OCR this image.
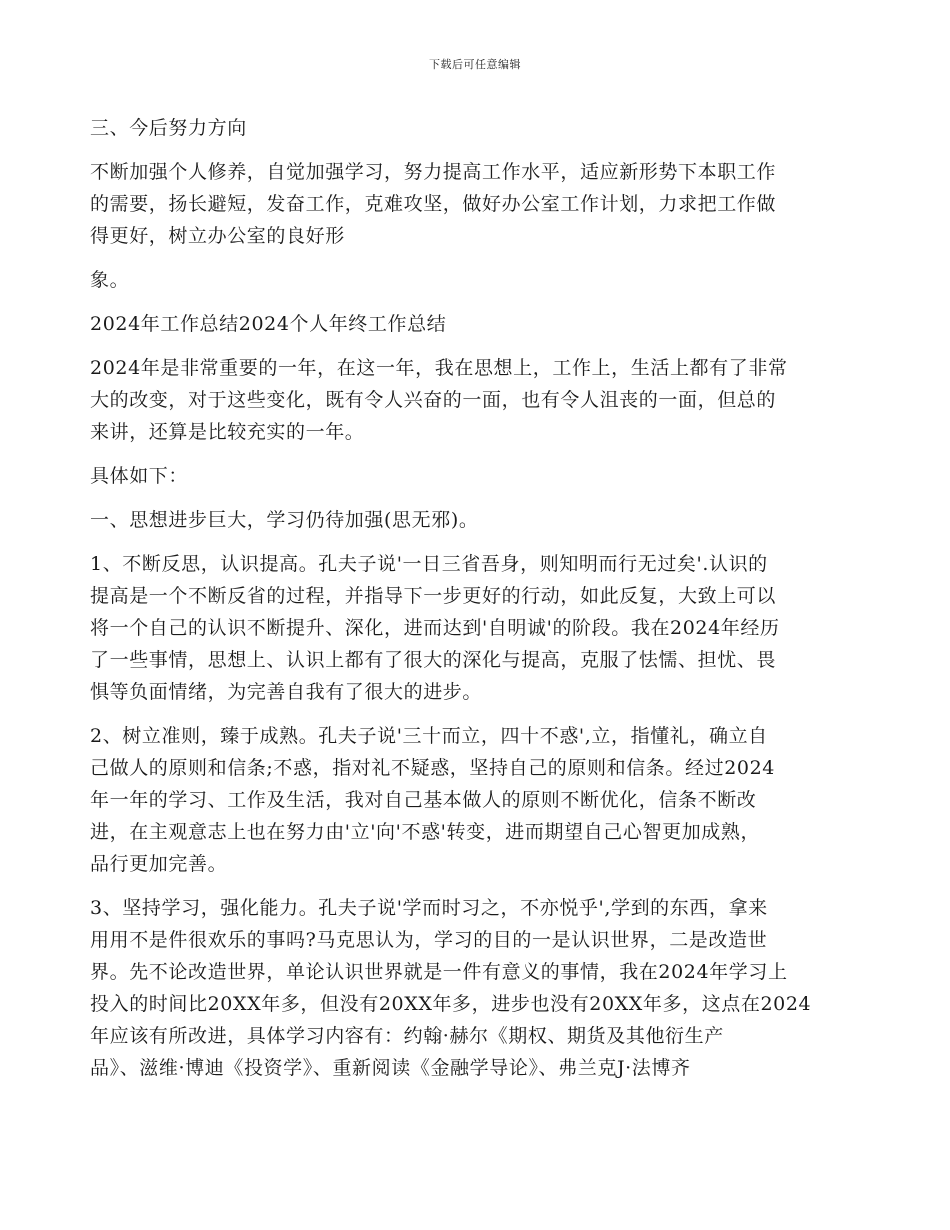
下载后可任意编辑

三、今后努力方向

不断加强个人修养，自觉加强学习，努力提高工作水平，适应新形势下本职工作
的需要，扬长避短，发奋工作，克难攻坚，做好办公室工作计划，力求把工作做
得更好，树立办公室的良好形

象。

2024年工作总结2024个人年终工作总结

2024年是非常重要的一年，在这一年，我在思想上，工作上，生活上都有了非常
大的改变，对于这些变化，既有令人兴奋的一面，也有令人沮丧的一面，但总的
来讲，还算是比较充实的一年。

具体如下：

一、思想进步巨大，学习仍待加强(思无邪)。

1、不断反思，认识提高。孔夫子说'一日三省吾身，则知明而行无过矣'.认识的
提高是一个不断反省的过程，并指导下一步更好的行动，如此反复，大致上可以
将一个自己的认识不断提升、深化，进而达到'自明诚'的阶段。我在2024年经历
了一些事情，思想上、认识上都有了很大的深化与提高，克服了怯懦、担忧、畏
惧等负面情绪，为完善自我有了很大的进步。

2、树立准则，臻于成熟。孔夫子说'三十而立，四十不惑',立，指懂礼，确立自
己做人的原则和信条;不惑，指对礼不疑惑，坚持自己的原则和信条。经过2024
年一年的学习、工作及生活，我对自己基本做人的原则不断优化，信条不断改
进，在主观意志上也在努力由'立'向'不惑'转变，进而期望自己心智更加成熟，
品行更加完善。

3、坚持学习，强化能力。孔夫子说'学而时习之，不亦悦乎',学到的东西，拿来
用用不是件很欢乐的事吗?马克思认为，学习的目的一是认识世界，二是改造世
界。先不论改造世界，单论认识世界就是一件有意义的事情，我在2024年学习上
投入的时间比20XX年多，但没有20XX年多，进步也没有20XX年多，这点在2024
年应该有所改进，具体学习内容有：约翰·赫尔《期权、期货及其他衍生产
品》、滋维·博迪《投资学》、重新阅读《金融学导论》、弗兰克J·法博齐
